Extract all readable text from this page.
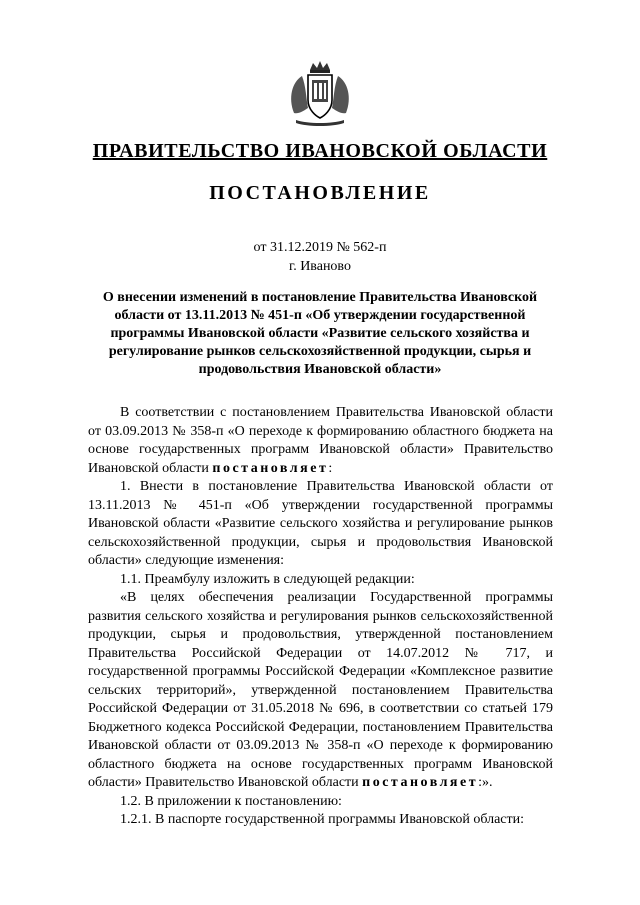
ПРАВИТЕЛЬСТВО ИВАНОВСКОЙ ОБЛАСТИ
ПОСТАНОВЛЕНИЕ
от 31.12.2019 № 562-п
г. Иваново
О внесении изменений в постановление Правительства Ивановской области от 13.11.2013 № 451-п «Об утверждении государственной программы Ивановской области «Развитие сельского хозяйства и регулирование рынков сельскохозяйственной продукции, сырья и продовольствия Ивановской области»

В соответствии с постановлением Правительства Ивановской области от 03.09.2013 № 358-п «О переходе к формированию областного бюджета на основе государственных программ Ивановской области» Правительство Ивановской области постановляет:

1. Внести в постановление Правительства Ивановской области от 13.11.2013 № 451-п «Об утверждении государственной программы Ивановской области «Развитие сельского хозяйства и регулирование рынков сельскохозяйственной продукции, сырья и продовольствия Ивановской области» следующие изменения:

1.1. Преамбулу изложить в следующей редакции:

«В целях обеспечения реализации Государственной программы развития сельского хозяйства и регулирования рынков сельскохозяйственной продукции, сырья и продовольствия, утвержденной постановлением Правительства Российской Федерации от 14.07.2012 № 717, и государственной программы Российской Федерации «Комплексное развитие сельских территорий», утвержденной постановлением Правительства Российской Федерации от 31.05.2018 № 696, в соответствии со статьей 179 Бюджетного кодекса Российской Федерации, постановлением Правительства Ивановской области от 03.09.2013 № 358-п «О переходе к формированию областного бюджета на основе государственных программ Ивановской области» Правительство Ивановской области постановляет:».

1.2. В приложении к постановлению:

1.2.1. В паспорте государственной программы Ивановской области:
